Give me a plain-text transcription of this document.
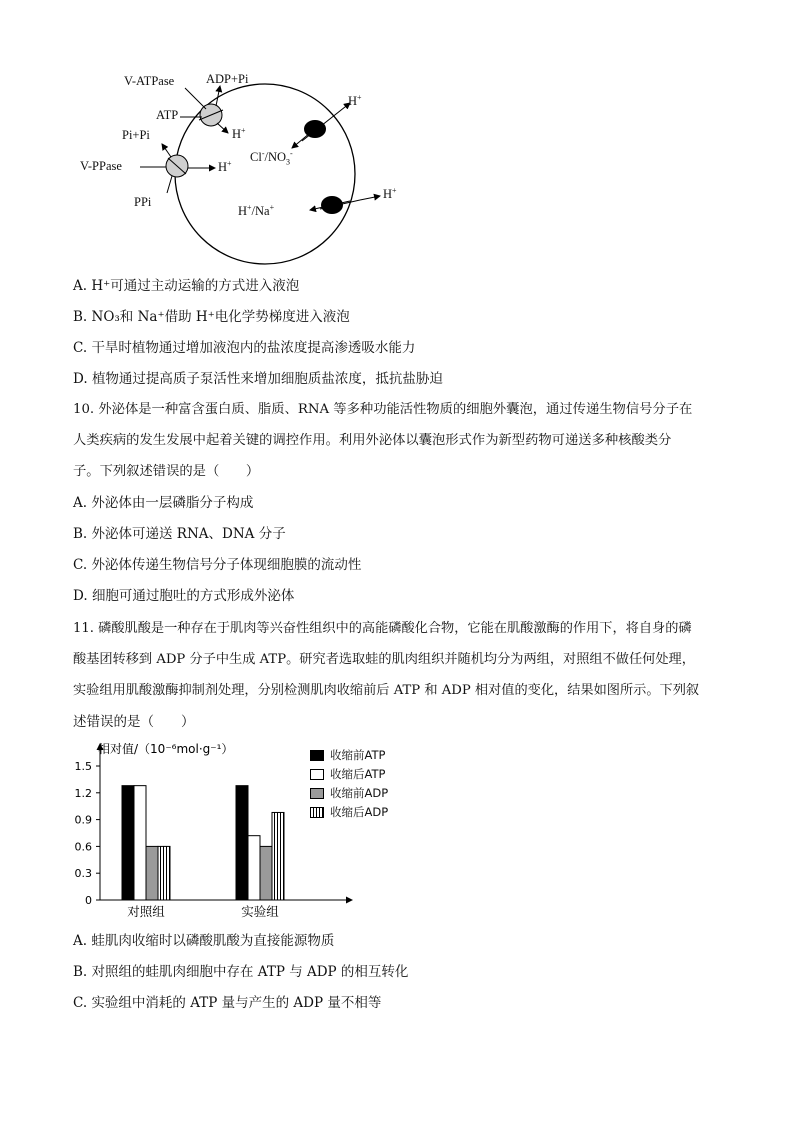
V-ATPase	ADP+Pi
ATP
H+
Pi+Pi
V-PPase	H+
PPi
H+
$Cl^-/NO_3^-$
H+
H+/Na+
A. H⁺可通过主动运输的方式进入液泡
B. NO₃和 Na⁺借助 H⁺电化学势梯度进入液泡
C. 干旱时植物通过增加液泡内的盐浓度提高渗透吸水能力
D. 植物通过提高质子泵活性来增加细胞质盐浓度，抵抗盐胁迫
10. 外泌体是一种富含蛋白质、脂质、RNA 等多种功能活性物质的细胞外囊泡，通过传递生物信号分子在
人类疾病的发生发展中起着关键的调控作用。利用外泌体以囊泡形式作为新型药物可递送多种核酸类分
子。下列叙述错误的是（　　）
A. 外泌体由一层磷脂分子构成
B. 外泌体可递送 RNA、DNA 分子
C. 外泌体传递生物信号分子体现细胞膜的流动性
D. 细胞可通过胞吐的方式形成外泌体
11. 磷酸肌酸是一种存在于肌肉等兴奋性组织中的高能磷酸化合物，它能在肌酸激酶的作用下，将自身的磷
酸基团转移到 ADP 分子中生成 ATP。研究者选取蛙的肌肉组织并随机均分为两组，对照组不做任何处理，
实验组用肌酸激酶抑制剂处理，分别检测肌肉收缩前后 ATP 和 ADP 相对值的变化，结果如图所示。下列叙
述错误的是（　　）
相对值/（10⁻⁶mol·g⁻¹）
1.5
1.2
0.9
0.6
0.3
0
对照组	实验组
收缩前ATP
收缩后ATP
收缩前ADP
收缩后ADP
A. 蛙肌肉收缩时以磷酸肌酸为直接能源物质
B. 对照组的蛙肌肉细胞中存在 ATP 与 ADP 的相互转化
C. 实验组中消耗的 ATP 量与产生的 ADP 量不相等
